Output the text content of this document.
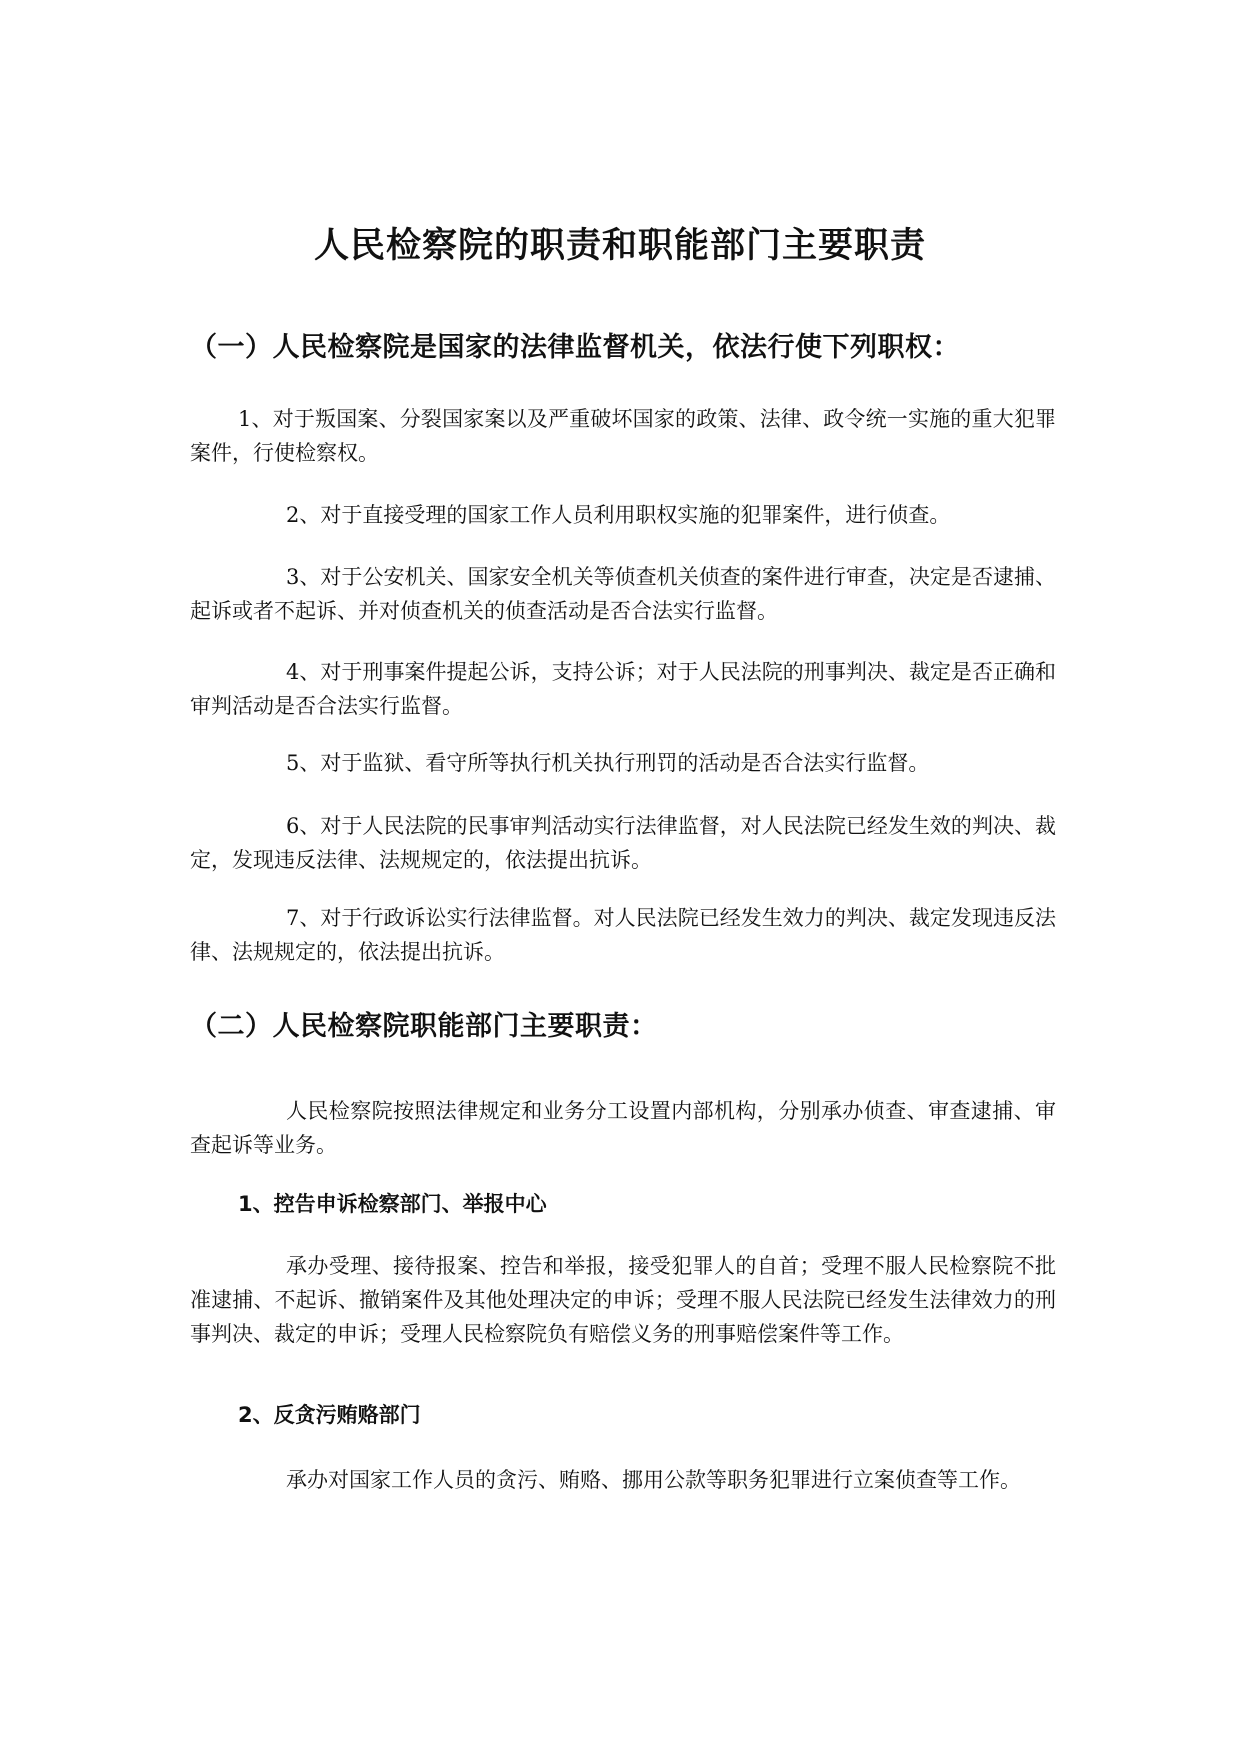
人民检察院的职责和职能部门主要职责
（一）人民检察院是国家的法律监督机关，依法行使下列职权：

1、对于叛国案、分裂国家案以及严重破坏国家的政策、法律、政令统一实施的重大犯罪案件，行使检察权。

2、对于直接受理的国家工作人员利用职权实施的犯罪案件，进行侦查。

3、对于公安机关、国家安全机关等侦查机关侦查的案件进行审查，决定是否逮捕、起诉或者不起诉、并对侦查机关的侦查活动是否合法实行监督。

4、对于刑事案件提起公诉，支持公诉；对于人民法院的刑事判决、裁定是否正确和审判活动是否合法实行监督。

5、对于监狱、看守所等执行机关执行刑罚的活动是否合法实行监督。

6、对于人民法院的民事审判活动实行法律监督，对人民法院已经发生效的判决、裁定，发现违反法律、法规规定的，依法提出抗诉。

7、对于行政诉讼实行法律监督。对人民法院已经发生效力的判决、裁定发现违反法律、法规规定的，依法提出抗诉。

（二）人民检察院职能部门主要职责：

人民检察院按照法律规定和业务分工设置内部机构，分别承办侦查、审查逮捕、审查起诉等业务。

1、控告申诉检察部门、举报中心

承办受理、接待报案、控告和举报，接受犯罪人的自首；受理不服人民检察院不批准逮捕、不起诉、撤销案件及其他处理决定的申诉；受理不服人民法院已经发生法律效力的刑事判决、裁定的申诉；受理人民检察院负有赔偿义务的刑事赔偿案件等工作。

2、反贪污贿赂部门

承办对国家工作人员的贪污、贿赂、挪用公款等职务犯罪进行立案侦查等工作。
